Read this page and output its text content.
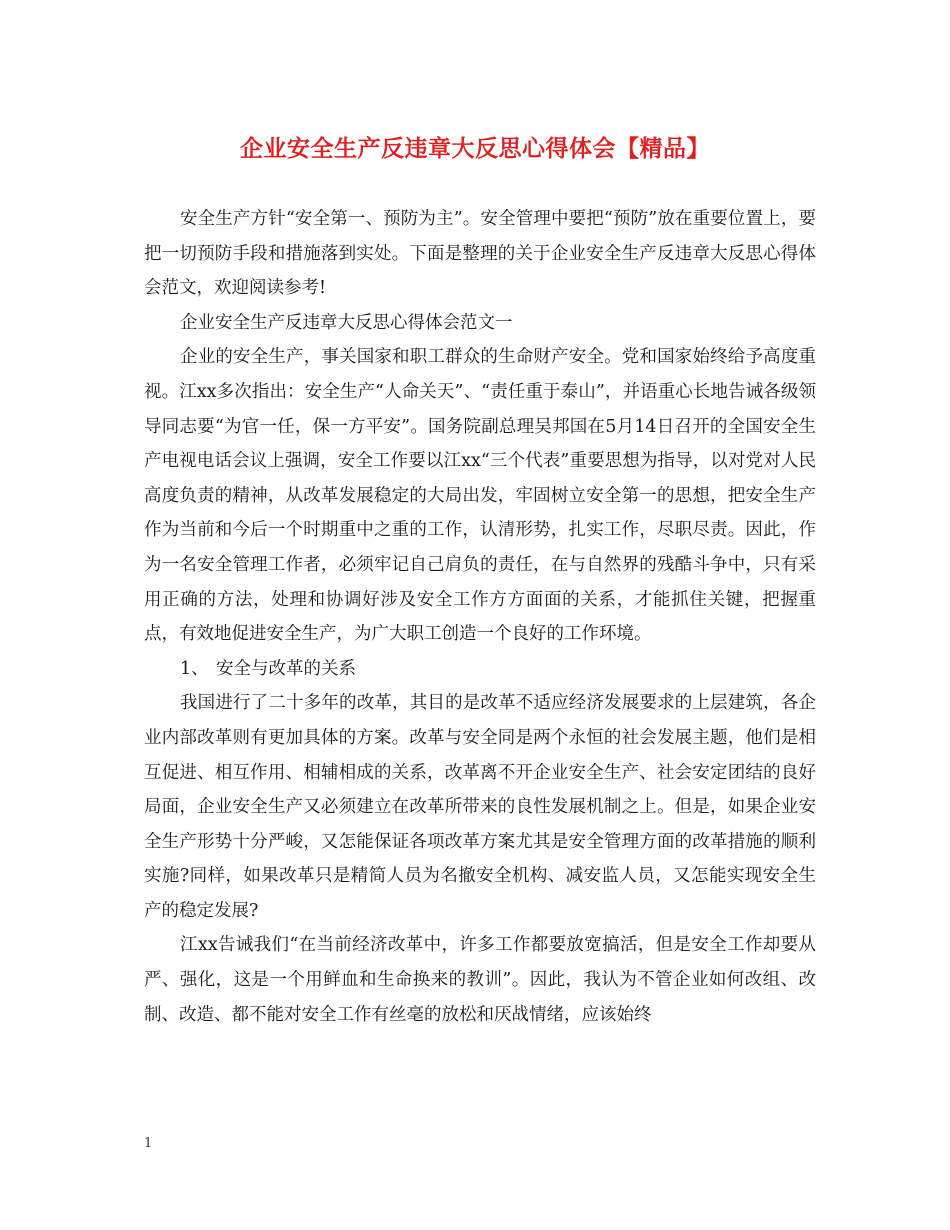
企业安全生产反违章大反思心得体会【精品】

安全生产方针“安全第一、预防为主”。安全管理中要把“预防”放在重要位置上，要把一切预防手段和措施落到实处。下面是整理的关于企业安全生产反违章大反思心得体会范文，欢迎阅读参考!

企业安全生产反违章大反思心得体会范文一

企业的安全生产，事关国家和职工群众的生命财产安全。党和国家始终给予高度重视。江xx多次指出：安全生产“人命关天”、“责任重于泰山”，并语重心长地告诫各级领导同志要“为官一任，保一方平安”。国务院副总理吴邦国在5月14日召开的全国安全生产电视电话会议上强调，安全工作要以江xx“三个代表”重要思想为指导，以对党对人民高度负责的精神，从改革发展稳定的大局出发，牢固树立安全第一的思想，把安全生产作为当前和今后一个时期重中之重的工作，认清形势，扎实工作，尽职尽责。因此，作为一名安全管理工作者，必须牢记自己肩负的责任，在与自然界的残酷斗争中，只有采用正确的方法，处理和协调好涉及安全工作方方面面的关系，才能抓住关键，把握重点，有效地促进安全生产，为广大职工创造一个良好的工作环境。

1、 安全与改革的关系

我国进行了二十多年的改革，其目的是改革不适应经济发展要求的上层建筑，各企业内部改革则有更加具体的方案。改革与安全同是两个永恒的社会发展主题，他们是相互促进、相互作用、相辅相成的关系，改革离不开企业安全生产、社会安定团结的良好局面，企业安全生产又必须建立在改革所带来的良性发展机制之上。但是，如果企业安全生产形势十分严峻，又怎能保证各项改革方案尤其是安全管理方面的改革措施的顺利实施?同样，如果改革只是精简人员为名撤安全机构、减安监人员，又怎能实现安全生产的稳定发展?

江xx告诫我们“在当前经济改革中，许多工作都要放宽搞活，但是安全工作却要从严、强化，这是一个用鲜血和生命换来的教训”。因此，我认为不管企业如何改组、改制、改造、都不能对安全工作有丝毫的放松和厌战情绪，应该始终

1
